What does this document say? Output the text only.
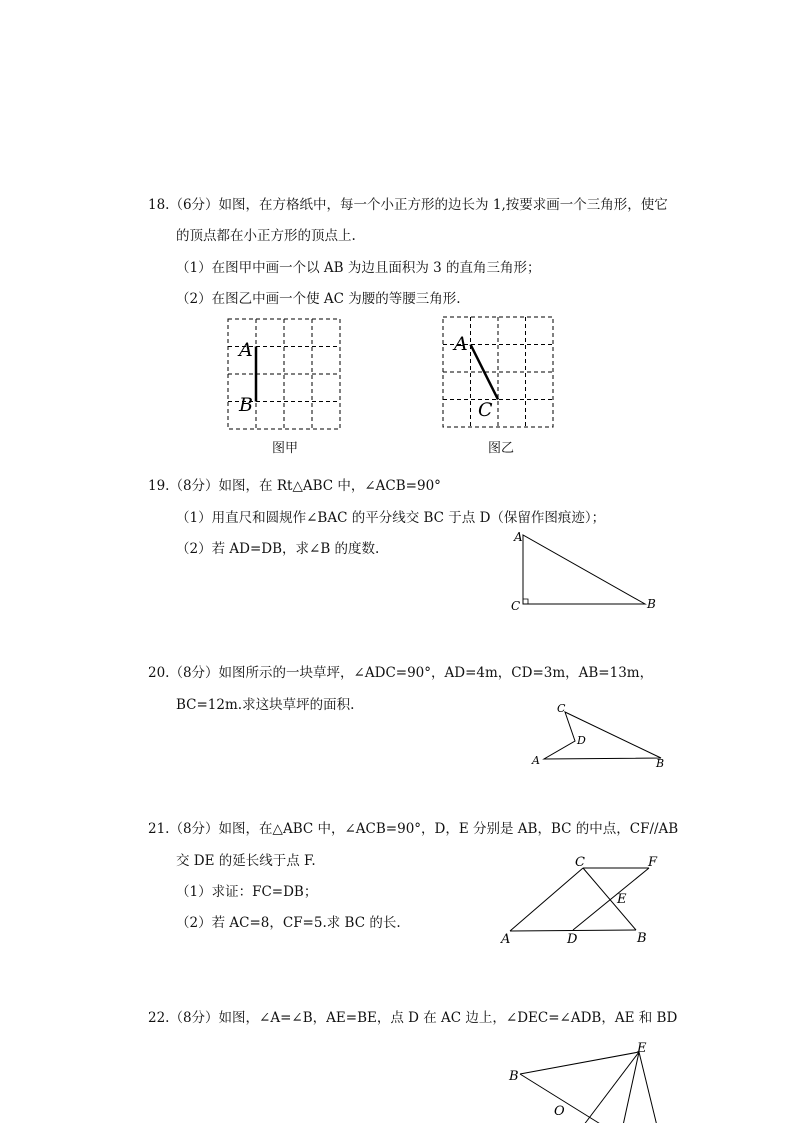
18.（6分）如图，在方格纸中，每一个小正方形的边长为 1,按要求画一个三角形，使它
的顶点都在小正方形的顶点上.
（1）在图甲中画一个以 AB 为边且面积为 3 的直角三角形；
（2）在图乙中画一个使 AC 为腰的等腰三角形.
A
B
图甲
A
C
图乙
19.（8分）如图，在 Rt△ABC 中，∠ACB=90°
（1）用直尺和圆规作∠BAC 的平分线交 BC 于点 D（保留作图痕迹）；
（2）若 AD=DB，求∠B 的度数.
A
C	B
20.（8分）如图所示的一块草坪，∠ADC=90°，AD=4m，CD=3m，AB=13m，
BC=12m.求这块草坪的面积.	C
D
A	B
21.（8分）如图，在△ABC 中，∠ACB=90°，D，E 分别是 AB，BC 的中点，CF//AB
交 DE 的延长线于点 F.
（1）求证：FC=DB；
（2）若 AC=8，CF=5.求 BC 的长.
C	F
E
A	D	B
22.（8分）如图，∠A=∠B，AE=BE，点 D 在 AC 边上，∠DEC=∠ADB，AE 和 BD
E
B
O
